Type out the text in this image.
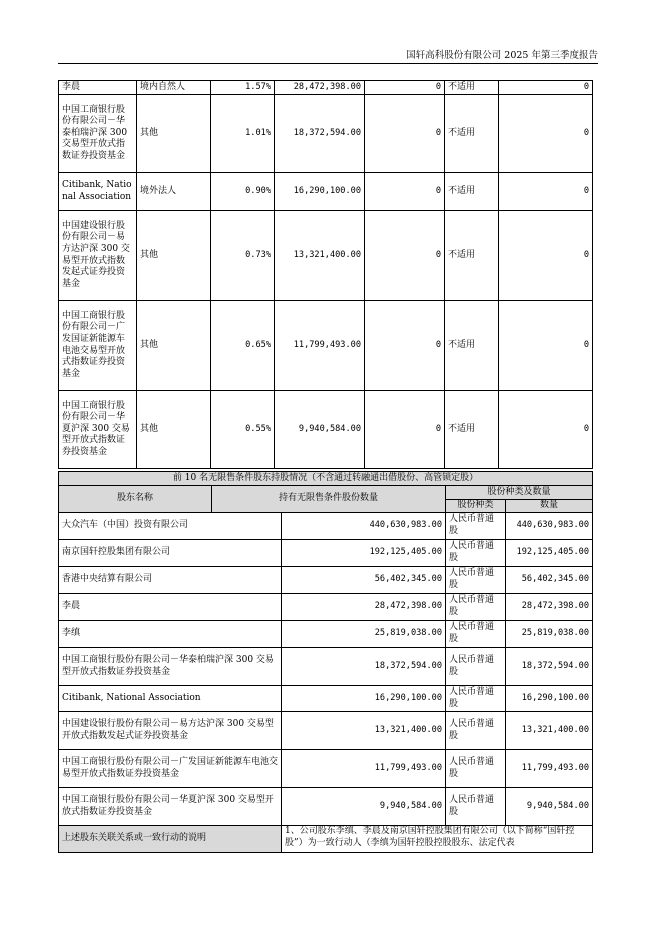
国轩高科股份有限公司 2025 年第三季度报告
李晨	境内自然人	1.57%	28,472,398.00	0	不适用	0
中国工商银行股份有限公司－华泰柏瑞沪深 300 交易型开放式指数证券投资基金	其他	1.01%	18,372,594.00	0	不适用	0
Citibank, National Association	境外法人	0.90%	16,290,100.00	0	不适用	0
中国建设银行股份有限公司－易方达沪深 300 交易型开放式指数发起式证券投资基金	其他	0.73%	13,321,400.00	0	不适用	0
中国工商银行股份有限公司－广发国证新能源车电池交易型开放式指数证券投资基金	其他	0.65%	11,799,493.00	0	不适用	0
中国工商银行股份有限公司－华夏沪深 300 交易型开放式指数证券投资基金	其他	0.55%	9,940,584.00	0	不适用	0
前 10 名无限售条件股东持股情况（不含通过转融通出借股份、高管锁定股）				
股东名称	持有无限售条件股份数量		股份种类及数量	
			股份种类	数量
大众汽车（中国）投资有限公司		440,630,983.00	人民币普通股	440,630,983.00
南京国轩控股集团有限公司		192,125,405.00	人民币普通股	192,125,405.00
香港中央结算有限公司		56,402,345.00	人民币普通股	56,402,345.00
李晨		28,472,398.00	人民币普通股	28,472,398.00
李缜		25,819,038.00	人民币普通股	25,819,038.00
中国工商银行股份有限公司－华泰柏瑞沪深 300 交易型开放式指数证券投资基金		18,372,594.00	人民币普通股	18,372,594.00
Citibank, National Association		16,290,100.00	人民币普通股	16,290,100.00
中国建设银行股份有限公司－易方达沪深 300 交易型开放式指数发起式证券投资基金		13,321,400.00	人民币普通股	13,321,400.00
中国工商银行股份有限公司－广发国证新能源车电池交易型开放式指数证券投资基金		11,799,493.00	人民币普通股	11,799,493.00
中国工商银行股份有限公司－华夏沪深 300 交易型开放式指数证券投资基金		9,940,584.00	人民币普通股	9,940,584.00
上述股东关联关系或一致行动的说明		1、公司股东李缜、李晨及南京国轩控股集团有限公司（以下简称“国轩控股”）为一致行动人（李缜为国轩控股控股股东、法定代表		
